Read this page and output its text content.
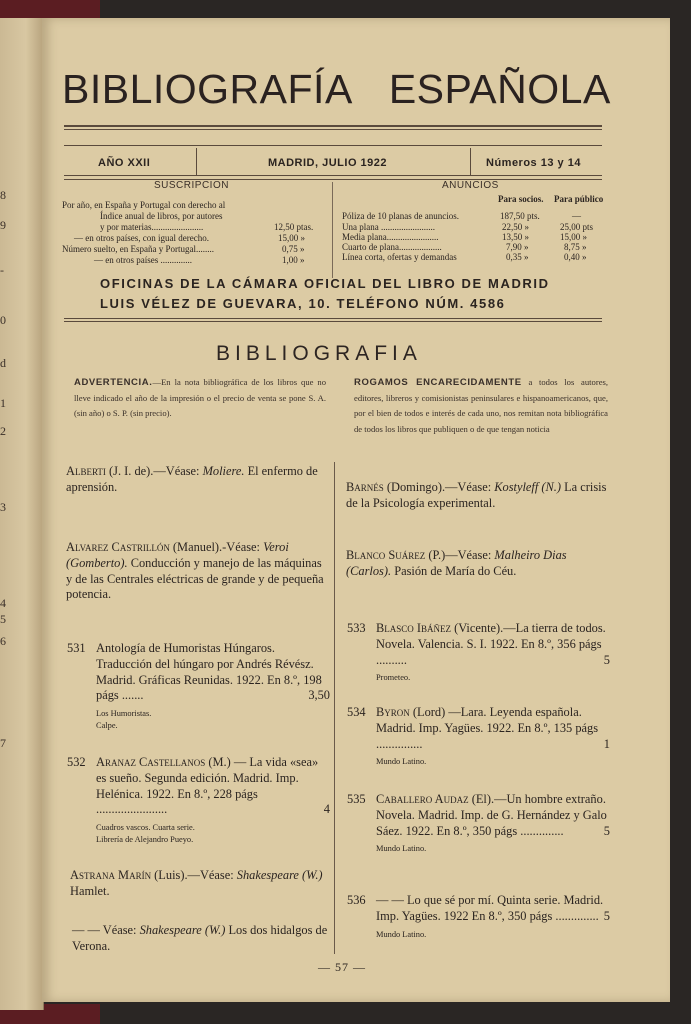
8
9
-
0
d
1
2
3
4
5
6
7
BIBLIOGRAFÍA ESPAÑOLA
AÑO XXII	MADRID, JULIO 1922	Números 13 y 14
SUSCRIPCION
Por año, en España y Portugal con derecho al
Índice anual de libros, por autores
y por materias.......................	12,50 ptas.
— en otros países, con igual derecho.	15,00 »
Número suelto, en España y Portugal........	0,75 »
— en otros países ..............	1,00 »
ANUNCIOS
Para socios. Para público
Póliza de 10 planas de anuncios.	187,50 pts.	—
Una plana ........................	22,50 »	25,00 pts
Media plana.......................	13,50 »	15,00 »
Cuarto de plana...................	7,90 »	8,75 »
Línea corta, ofertas y demandas	0,35 »	0,40 »
OFICINAS DE LA CÁMARA OFICIAL DEL LIBRO DE MADRID
LUIS VÉLEZ DE GUEVARA, 10. TELÉFONO NÚM. 4586
BIBLIOGRAFIA
ADVERTENCIA.—En la nota bibliográfica de los libros que no lleve indicado el año de la impresión o el precio de venta se pone S. A. (sin año) o S. P. (sin precio).
ROGAMOS ENCARECIDAMENTE a todos los autores, editores, libreros y comisionistas peninsulares e hispanoamericanos, que, por el bien de todos e interés de cada uno, nos remitan nota bibliográfica de todos los libros que publiquen o de que tengan noticia
Alberti (J. I. de).—Véase: Moliere. El enfermo de aprensión.
Alvarez Castrillón (Manuel).-Véase: Veroi (Gomberto). Conducción y manejo de las máquinas y de las Centrales eléctricas de grande y de pequeña potencia.
531 Antología de Humoristas Húngaros. Traducción del húngaro por Andrés Révész. Madrid. Gráficas Reunidas. 1922. En 8.º, 198 págs .......	3,50
Los Humoristas.
Calpe.
532 Aranaz Castellanos (M.) — La vida «sea» es sueño. Segunda edición. Madrid. Imp. Helénica. 1922. En 8.º, 228 págs .......................	4
Cuadros vascos. Cuarta serie.
Librería de Alejandro Pueyo.
Astrana Marín (Luis).—Véase: Shakespeare (W.) Hamlet.
— — Véase: Shakespeare (W.) Los dos hidalgos de Verona.
Barnés (Domingo).—Véase: Kostyleff (N.) La crisis de la Psicología experimental.
Blanco Suárez (P.)—Véase: Malheiro Dias (Carlos). Pasión de María do Céu.
533 Blasco Ibáñez (Vicente).—La tierra de todos. Novela. Valencia. S. I. 1922. En 8.º, 356 págs ..........	5
Prometeo.
534 Byron (Lord) —Lara. Leyenda española. Madrid. Imp. Yagües. 1922. En 8.º, 135 págs ...............	1
Mundo Latino.
535 Caballero Audaz (El).—Un hombre extraño. Novela. Madrid. Imp. de G. Hernández y Galo Sáez. 1922. En 8.º, 350 págs ..............	5
Mundo Latino.
536 — — Lo que sé por mí. Quinta serie. Madrid. Imp. Yagües. 1922 En 8.º, 350 págs .............. 5
Mundo Latino.
— 57 —
